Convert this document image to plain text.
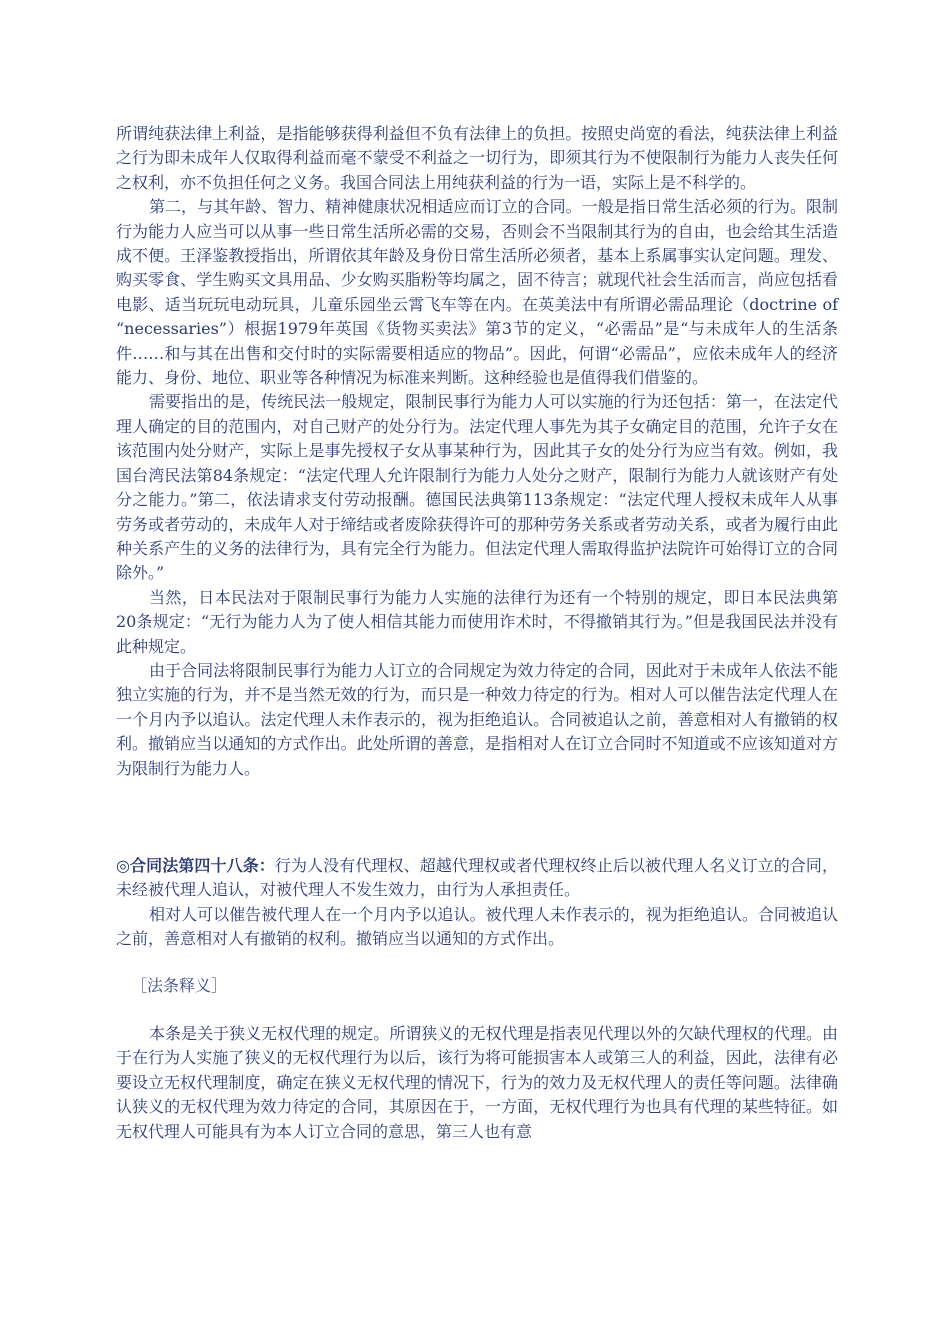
所谓纯获法律上利益，是指能够获得利益但不负有法律上的负担。按照史尚宽的看法，纯获法律上利益之行为即未成年人仅取得利益而毫不蒙受不利益之一切行为，即须其行为不使限制行为能力人丧失任何之权利，亦不负担任何之义务。我国合同法上用纯获利益的行为一语，实际上是不科学的。

第二，与其年龄、智力、精神健康状况相适应而订立的合同。一般是指日常生活必须的行为。限制行为能力人应当可以从事一些日常生活所必需的交易，否则会不当限制其行为的自由，也会给其生活造成不便。王泽鉴教授指出，所谓依其年龄及身份日常生活所必须者，基本上系属事实认定问题。理发、购买零食、学生购买文具用品、少女购买脂粉等均属之，固不待言；就现代社会生活而言，尚应包括看电影、适当玩玩电动玩具，儿童乐园坐云霄飞车等在内。在英美法中有所谓必需品理论（doctrine of “necessaries”）根据1979年英国《货物买卖法》第3节的定义，“必需品”是“与未成年人的生活条件……和与其在出售和交付时的实际需要相适应的物品”。因此，何谓“必需品”，应依未成年人的经济能力、身份、地位、职业等各种情况为标准来判断。这种经验也是值得我们借鉴的。

需要指出的是，传统民法一般规定，限制民事行为能力人可以实施的行为还包括：第一，在法定代理人确定的目的范围内，对自己财产的处分行为。法定代理人事先为其子女确定目的范围，允许子女在该范围内处分财产，实际上是事先授权子女从事某种行为，因此其子女的处分行为应当有效。例如，我国台湾民法第84条规定：“法定代理人允许限制行为能力人处分之财产，限制行为能力人就该财产有处分之能力。”第二，依法请求支付劳动报酬。德国民法典第113条规定：“法定代理人授权未成年人从事劳务或者劳动的，未成年人对于缔结或者废除获得许可的那种劳务关系或者劳动关系，或者为履行由此种关系产生的义务的法律行为，具有完全行为能力。但法定代理人需取得监护法院许可始得订立的合同除外。”

当然，日本民法对于限制民事行为能力人实施的法律行为还有一个特别的规定，即日本民法典第20条规定：“无行为能力人为了使人相信其能力而使用诈术时，不得撤销其行为。”但是我国民法并没有此种规定。

由于合同法将限制民事行为能力人订立的合同规定为效力待定的合同，因此对于未成年人依法不能独立实施的行为，并不是当然无效的行为，而只是一种效力待定的行为。相对人可以催告法定代理人在一个月内予以追认。法定代理人未作表示的，视为拒绝追认。合同被追认之前，善意相对人有撤销的权利。撤销应当以通知的方式作出。此处所谓的善意，是指相对人在订立合同时不知道或不应该知道对方为限制行为能力人。

◎合同法第四十八条：行为人没有代理权、超越代理权或者代理权终止后以被代理人名义订立的合同，未经被代理人追认，对被代理人不发生效力，由行为人承担责任。

相对人可以催告被代理人在一个月内予以追认。被代理人未作表示的，视为拒绝追认。合同被追认之前，善意相对人有撤销的权利。撤销应当以通知的方式作出。

［法条释义］

本条是关于狭义无权代理的规定。所谓狭义的无权代理是指表见代理以外的欠缺代理权的代理。由于在行为人实施了狭义的无权代理行为以后，该行为将可能损害本人或第三人的利益，因此，法律有必要设立无权代理制度，确定在狭义无权代理的情况下，行为的效力及无权代理人的责任等问题。法律确认狭义的无权代理为效力待定的合同，其原因在于，一方面，无权代理行为也具有代理的某些特征。如无权代理人可能具有为本人订立合同的意思，第三人也有意
